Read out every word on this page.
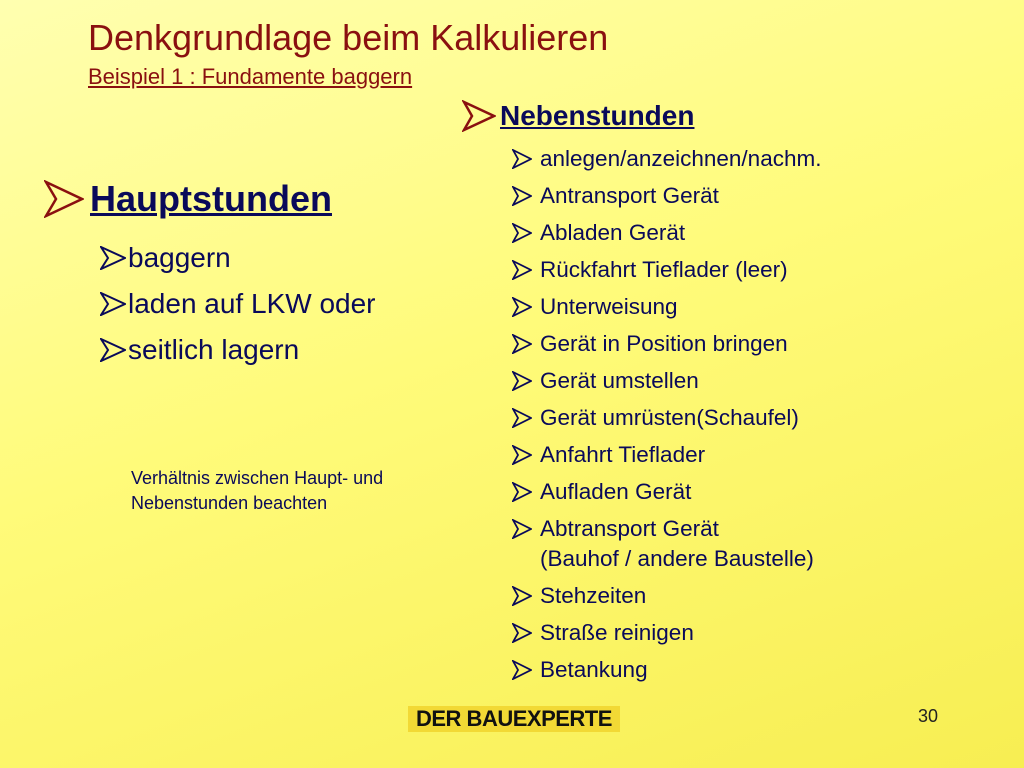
Denkgrundlage beim Kalkulieren
Beispiel 1 : Fundamente baggern
Hauptstunden
baggern
laden auf LKW oder
seitlich lagern
Verhältnis zwischen Haupt- und Nebenstunden beachten
Nebenstunden
anlegen/anzeichnen/nachm.
Antransport Gerät
Abladen Gerät
Rückfahrt Tieflader (leer)
Unterweisung
Gerät in Position bringen
Gerät umstellen
Gerät umrüsten(Schaufel)
Anfahrt Tieflader
Aufladen Gerät
Abtransport Gerät
(Bauhof / andere Baustelle)
Stehzeiten
Straße reinigen
Betankung
DER BAUEXPERTE	30
